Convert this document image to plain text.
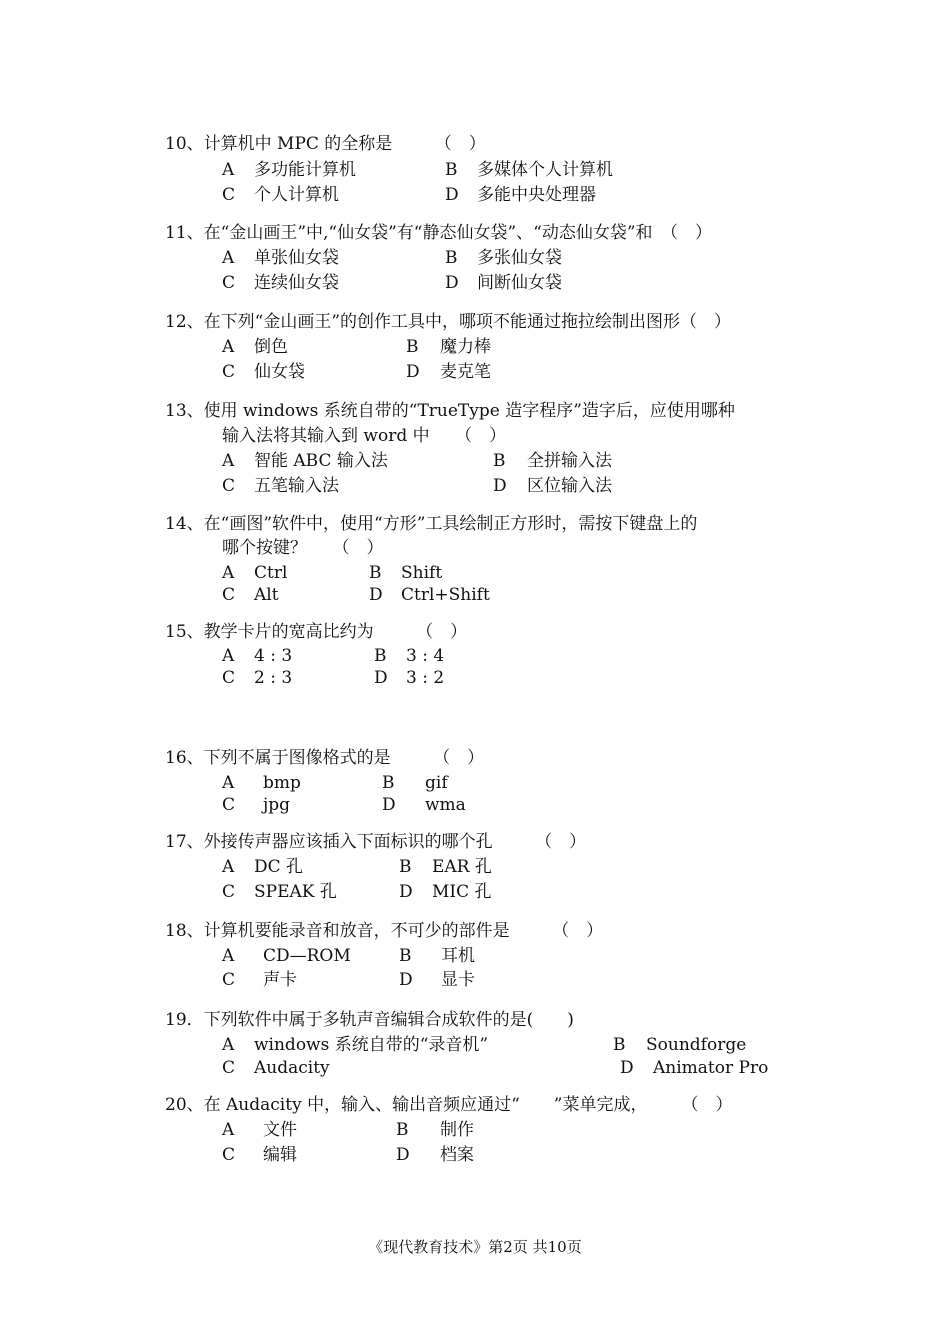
10、计算机中 MPC 的全称是　　　（　）
A 多功能计算机	B 多媒体个人计算机
C 个人计算机	D 多能中央处理器
11、在“金山画王”中,“仙女袋”有“静态仙女袋”、“动态仙女袋”和　（　）
A 单张仙女袋	B 多张仙女袋
C 连续仙女袋	D 间断仙女袋
12、在下列“金山画王”的创作工具中，哪项不能通过拖拉绘制出图形（　）
A 倒色	B 魔力棒
C 仙女袋	D 麦克笔
13、使用 windows 系统自带的“TrueType 造字程序”造字后，应使用哪种
输入法将其输入到 word 中　　（　）
A 智能 ABC 输入法	B 全拼输入法
C 五笔输入法	D 区位输入法
14、在“画图”软件中，使用“方形”工具绘制正方形时，需按下键盘上的
哪个按键？　　（　）
A Ctrl	B Shift
C Alt	D Ctrl+Shift
15、教学卡片的宽高比约为　　　（　）
A 4 : 3	B 3 : 4
C 2 : 3	D 3 : 2
16、下列不属于图像格式的是　　　（　）
A bmp	B gif
C jpg	D wma
17、外接传声器应该插入下面标识的哪个孔　　　（　）
A DC 孔	B EAR 孔
C SPEAK 孔	D MIC 孔
18、计算机要能录音和放音，不可少的部件是　　　（　）
A CD—ROM	B 耳机
C 声卡	D 显卡
19．下列软件中属于多轨声音编辑合成软件的是(　　)
A windows 系统自带的“录音机”	B Soundforge
C Audacity	D Animator Pro
20、在 Audacity 中，输入、输出音频应通过“　　”菜单完成，　　　（　）
A 文件	B 制作
C 编辑	D 档案
《现代教育技术》第2页 共10页
